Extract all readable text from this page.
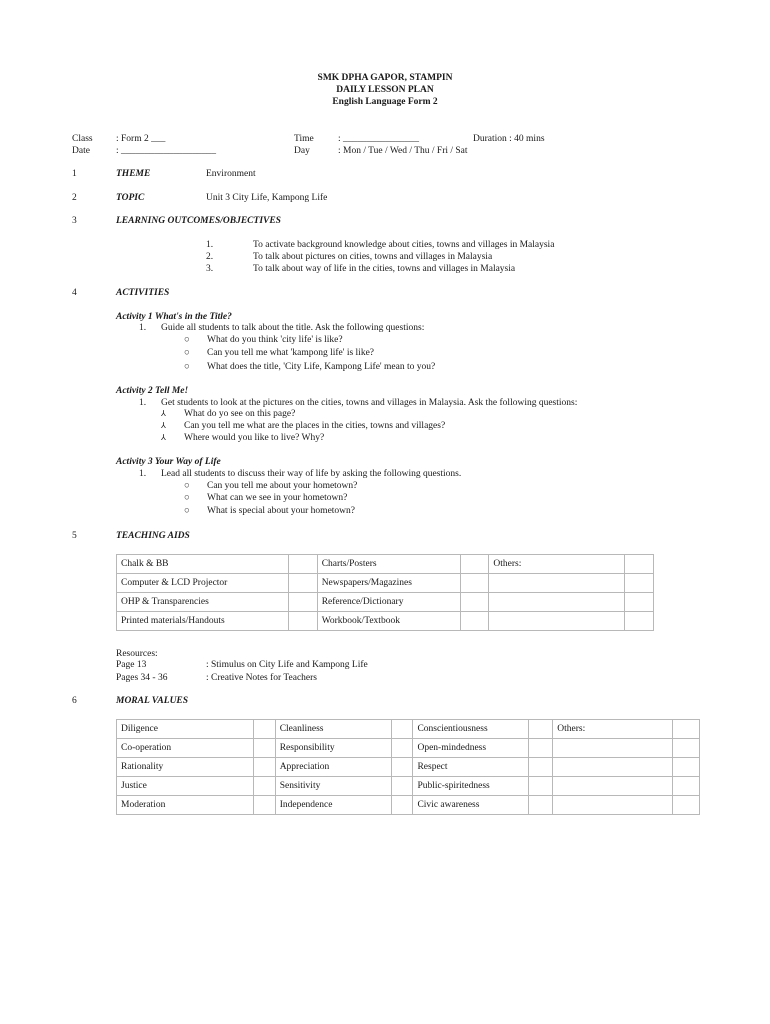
SMK DPHA GAPOR, STAMPIN
DAILY LESSON PLAN
English Language Form 2
Class : Form 2 ___
Date	: ____________________
Time	: ________________	Duration : 40 mins
Day	: Mon / Tue / Wed / Thu / Fri / Sat
1	THEME	Environment
2	TOPIC	Unit 3 City Life, Kampong Life
3	LEARNING OUTCOMES/OBJECTIVES
1.	To activate background knowledge about cities, towns and villages in Malaysia
2.	To talk about pictures on cities, towns and villages in Malaysia
3.	To talk about way of life in the cities, towns and villages in Malaysia
4	ACTIVITIES
Activity 1 What's in the Title?
1. Guide all students to talk about the title. Ask the following questions:
○ What do you think 'city life' is like?
○ Can you tell me what 'kampong life' is like?
○ What does the title, 'City Life, Kampong Life' mean to you?
Activity 2 Tell Me!
1. Get students to look at the pictures on the cities, towns and villages in Malaysia. Ask the following questions:
⅄ What do yo see on this page?
⅄ Can you tell me what are the places in the cities, towns and villages?
⅄ Where would you like to live? Why?
Activity 3 Your Way of Life
1. Lead all students to discuss their way of life by asking the following questions.
○ Can you tell me about your hometown?
○ What can we see in your hometown?
○ What is special about your hometown?
5	TEACHING AIDS
Chalk & BB		Charts/Posters		Others:	
Computer & LCD Projector		Newspapers/Magazines			
OHP & Transparencies		Reference/Dictionary			
Printed materials/Handouts		Workbook/Textbook			
Resources:
Page 13	: Stimulus on City Life and Kampong Life
Pages 34 - 36	: Creative Notes for Teachers
6	MORAL VALUES
Diligence		Cleanliness		Conscientiousness		Others:	
Co-operation		Responsibility		Open-mindedness			
Rationality		Appreciation		Respect			
Justice		Sensitivity		Public-spiritedness			
Moderation		Independence		Civic awareness			
